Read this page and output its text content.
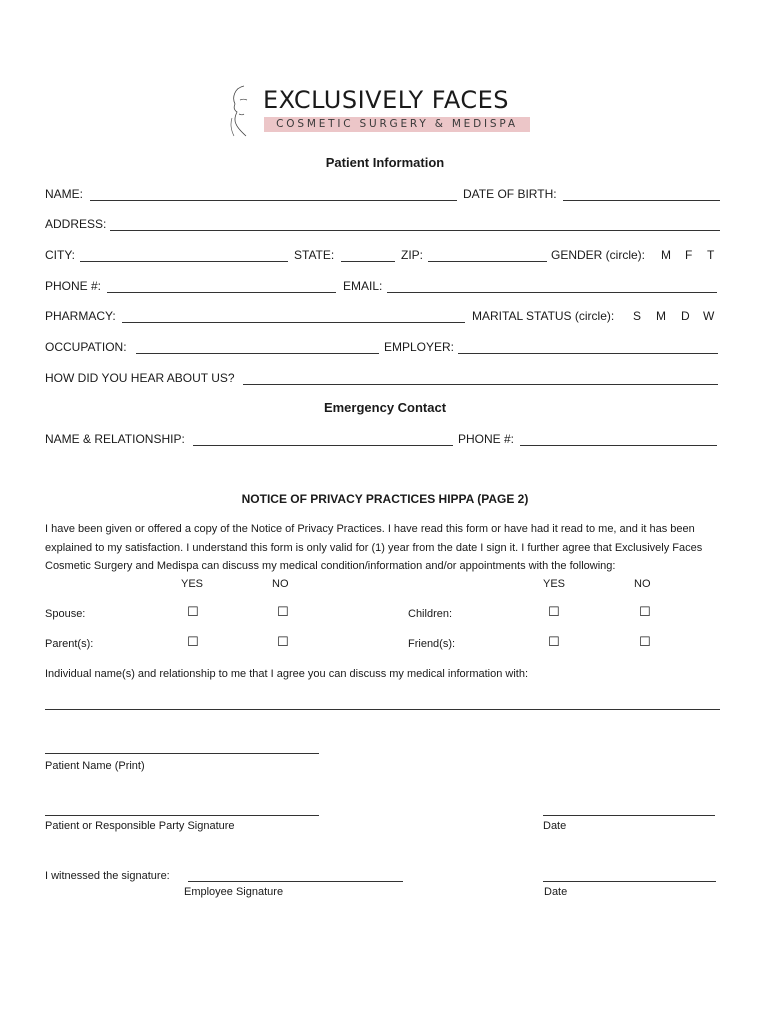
EXCLUSIVELY FACES
COSMETIC SURGERY & MEDISPA
Patient Information
NAME:	DATE OF BIRTH:
ADDRESS:
CITY:	STATE:	ZIP:	GENDER (circle): M F T
PHONE #:	EMAIL:
PHARMACY:	MARITAL STATUS (circle): S M D W
OCCUPATION:	EMPLOYER:
HOW DID YOU HEAR ABOUT US?
Emergency Contact
NAME & RELATIONSHIP:	PHONE #:
NOTICE OF PRIVACY PRACTICES HIPPA (PAGE 2)
I have been given or offered a copy of the Notice of Privacy Practices. I have read this form or have had it read to me, and it has been explained to my satisfaction. I understand this form is only valid for (1) year from the date I sign it. I further agree that Exclusively Faces Cosmetic Surgery and Medispa can discuss my medical condition/information and/or appointments with the following:
YES	NO	YES	NO
Spouse:	☐	☐	Children:	☐	☐
Parent(s):	☐	☐	Friend(s):	☐	☐
Individual name(s) and relationship to me that I agree you can discuss my medical information with:
Patient Name (Print)
Patient or Responsible Party Signature	Date
I witnessed the signature:
Employee Signature	Date
